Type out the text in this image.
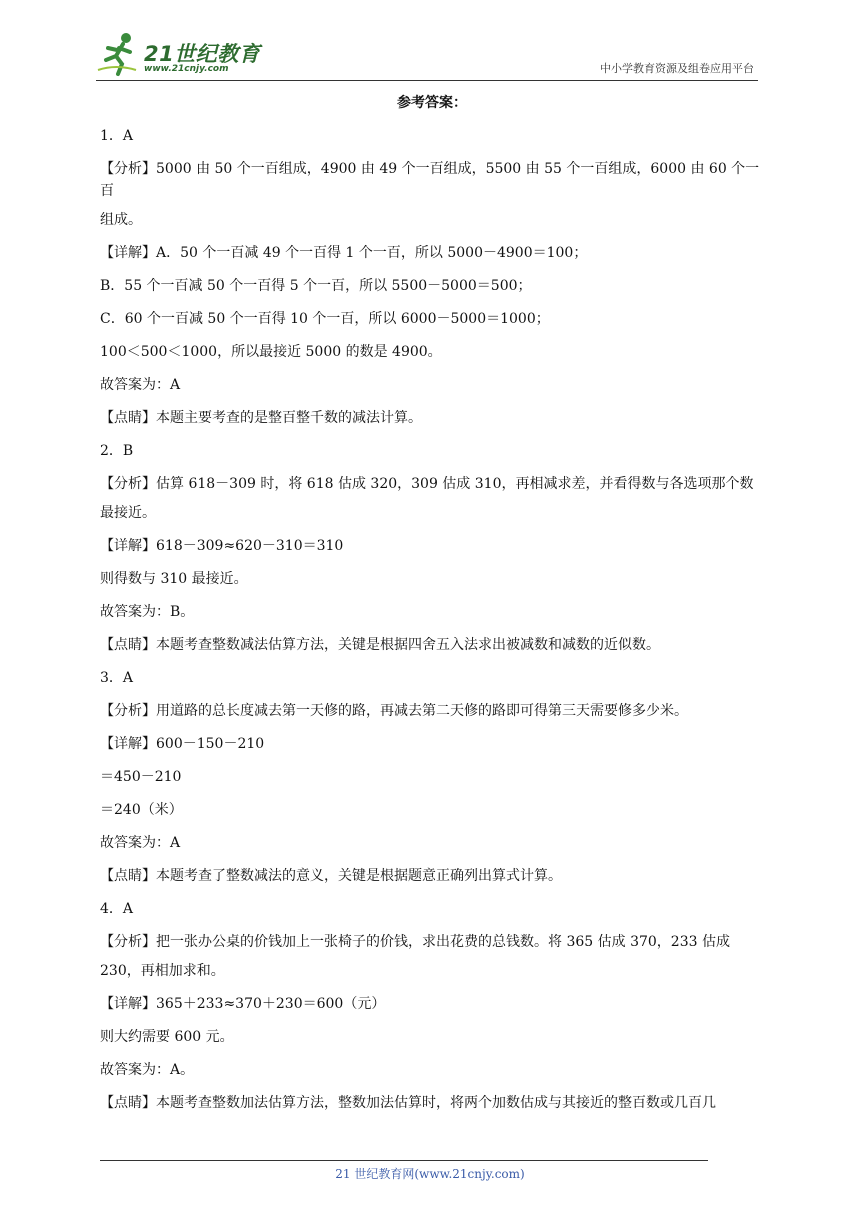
21世纪教育
www.21cnjy.com	中小学教育资源及组卷应用平台
参考答案：
1．A
【分析】5000 由 50 个一百组成，4900 由 49 个一百组成，5500 由 55 个一百组成，6000 由 60 个一百
组成。
【详解】A．50 个一百减 49 个一百得 1 个一百，所以 5000－4900＝100；
B．55 个一百减 50 个一百得 5 个一百，所以 5500－5000＝500；
C．60 个一百减 50 个一百得 10 个一百，所以 6000－5000＝1000；
100＜500＜1000，所以最接近 5000 的数是 4900。
故答案为：A
【点睛】本题主要考查的是整百整千数的减法计算。
2．B
【分析】估算 618－309 时，将 618 估成 320，309 估成 310，再相减求差，并看得数与各选项那个数
最接近。
【详解】618－309≈620－310＝310
则得数与 310 最接近。
故答案为：B。
【点睛】本题考查整数减法估算方法，关键是根据四舍五入法求出被减数和减数的近似数。
3．A
【分析】用道路的总长度减去第一天修的路，再减去第二天修的路即可得第三天需要修多少米。
【详解】600－150－210
＝450－210
＝240（米）
故答案为：A
【点睛】本题考查了整数减法的意义，关键是根据题意正确列出算式计算。
4．A
【分析】把一张办公桌的价钱加上一张椅子的价钱，求出花费的总钱数。将 365 估成 370，233 估成
230，再相加求和。
【详解】365＋233≈370＋230＝600（元）
则大约需要 600 元。
故答案为：A。
【点睛】本题考查整数加法估算方法，整数加法估算时，将两个加数估成与其接近的整百数或几百几
21 世纪教育网(www.21cnjy.com)
